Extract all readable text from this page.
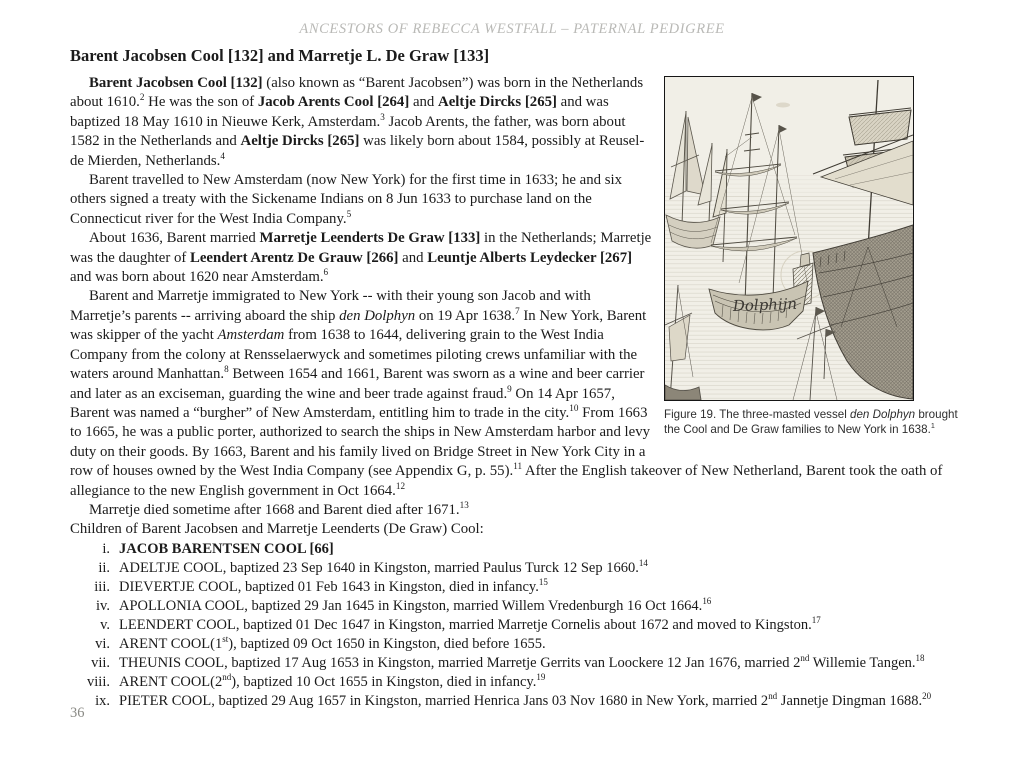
ANCESTORS OF REBECCA WESTFALL – PATERNAL PEDIGREE
Barent Jacobsen Cool [132] and Marretje L. De Graw [133]
Dolphijn
Figure 19. The three-masted vessel den Dolphyn brought the Cool and De Graw families to New York in 1638.$^1$

Barent Jacobsen Cool [132] (also known as “Barent Jacobsen”) was born in the Netherlands about 1610.$^2$ He was the son of Jacob Arents Cool [264] and Aeltje Dircks [265] and was baptized 18 May 1610 in Nieuwe Kerk, Amsterdam.$^3$ Jacob Arents, the father, was born about 1582 in the Netherlands and Aeltje Dircks [265] was likely born about 1584, possibly at Reusel-de Mierden, Netherlands.$^4$

Barent travelled to New Amsterdam (now New York) for the first time in 1633; he and six others signed a treaty with the Sickename Indians on 8 Jun 1633 to purchase land on the Connecticut river for the West India Company.$^5$

About 1636, Barent married Marretje Leenderts De Graw [133] in the Netherlands; Marretje was the daughter of Leendert Arentz De Grauw [266] and Leuntje Alberts Leydecker [267] and was born about 1620 near Amsterdam.$^6$

Barent and Marretje immigrated to New York -- with their young son Jacob and with Marretje’s parents -- arriving aboard the ship den Dolphyn on 19 Apr 1638.$^7$ In New York, Barent was skipper of the yacht Amsterdam from 1638 to 1644, delivering grain to the West India Company from the colony at Rensselaerwyck and sometimes piloting crews unfamiliar with the waters around Manhattan.$^8$ Between 1654 and 1661, Barent was sworn as a wine and beer carrier and later as an exciseman, guarding the wine and beer trade against fraud.$^9$ On 14 Apr 1657, Barent was named a “burgher” of New Amsterdam, entitling him to trade in the city.$^{10}$ From 1663 to 1665, he was a public porter, authorized to search the ships in New Amsterdam harbor and levy duty on their goods. By 1663, Barent and his family lived on Bridge Street in New York City in a row of houses owned by the West India Company (see Appendix G, p. 55).$^{11}$ After the English takeover of New Netherland, Barent took the oath of allegiance to the new English government in Oct 1664.12

Marretje died sometime after 1668 and Barent died after 1671.13

Children of Barent Jacobsen and Marretje Leenderts (De Graw) Cool:

i. JACOB BARENTSEN COOL [66]
ii. ADELTJE COOL, baptized 23 Sep 1640 in Kingston, married Paulus Turck 12 Sep 1660.14
iii. DIEVERTJE COOL, baptized 01 Feb 1643 in Kingston, died in infancy.$^{15}$
iv. APOLLONIA COOL, baptized 29 Jan 1645 in Kingston, married Willem Vredenburgh 16 Oct 1664.16
v. LEENDERT COOL, baptized 01 Dec 1647 in Kingston, married Marretje Cornelis about 1672 and moved to Kingston.$^{17}$
vi. ARENT COOL(1st), baptized 09 Oct 1650 in Kingston, died before 1655.
vii. THEUNIS COOL, baptized 17 Aug 1653 in Kingston, married Marretje Gerrits van Loockere 12 Jan 1676, married 2nd Willemie Tangen.$^{18}$
viii. ARENT COOL(2nd), baptized 10 Oct 1655 in Kingston, died in infancy.$^{19}$
ix. PIETER COOL, baptized 29 Aug 1657 in Kingston, married Henrica Jans 03 Nov 1680 in New York, married 2nd Jannetje Dingman 1688.20
36
